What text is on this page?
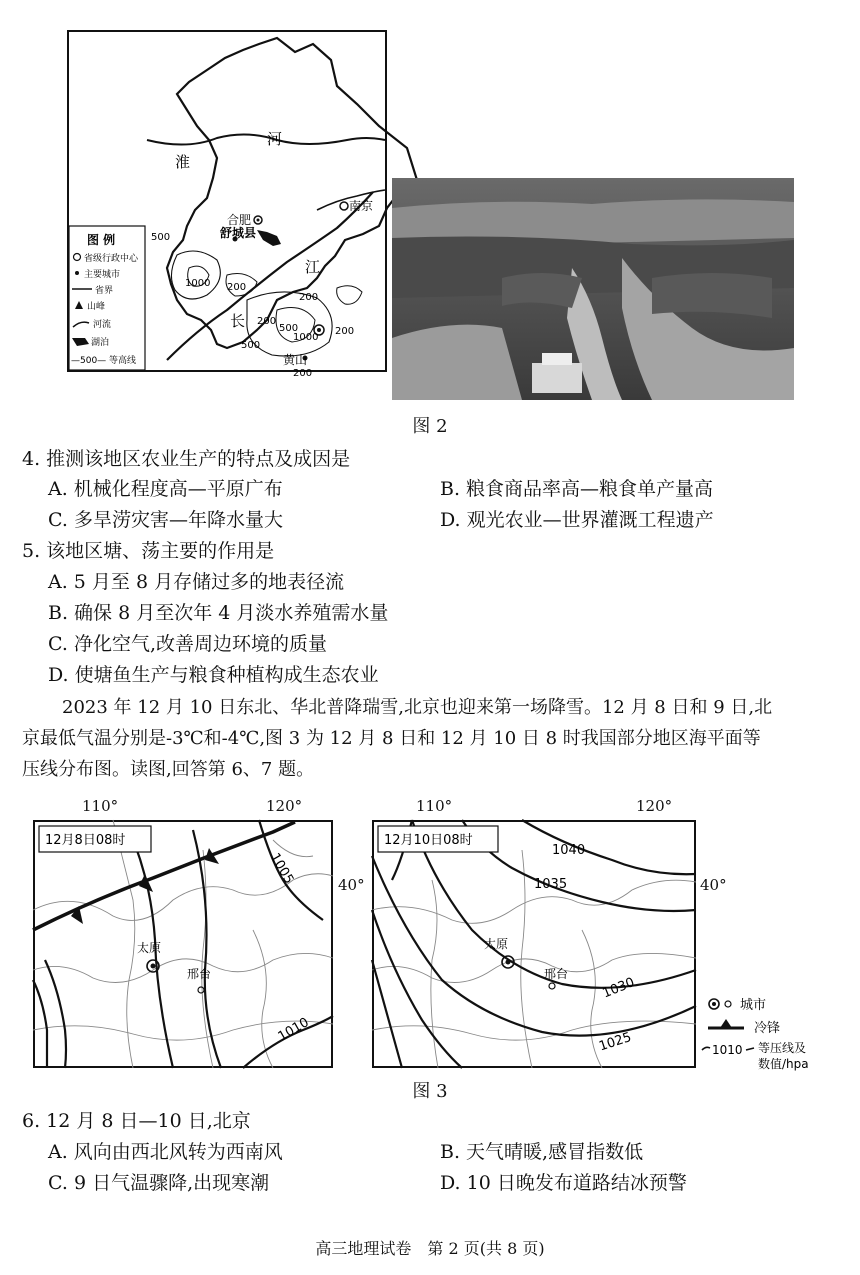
淮
河
合肥
舒城县
南京
江
长
黄山
500
1000 200
200
200
500
500
1000
200
200
图 例
省级行政中心
主要城市
省界
山峰
河流
湖泊
—500— 等高线
图 2
4. 推测该地区农业生产的特点及成因是
A. 机械化程度高—平原广布	B. 粮食商品率高—粮食单产量高
C. 多旱涝灾害—年降水量大	D. 观光农业—世界灌溉工程遗产
5. 该地区塘、荡主要的作用是
A. 5 月至 8 月存储过多的地表径流
B. 确保 8 月至次年 4 月淡水养殖需水量
C. 净化空气,改善周边环境的质量
D. 使塘鱼生产与粮食种植构成生态农业
2023 年 12 月 10 日东北、华北普降瑞雪,北京也迎来第一场降雪。12 月 8 日和 9 日,北
京最低气温分别是-3℃和-4℃,图 3 为 12 月 8 日和 12 月 10 日 8 时我国部分地区海平面等
压线分布图。读图,回答第 6、7 题。
110°	120°
40°
110°	120°
40°
12月8日08时
太原
邢台
1005
1010
12月10日08时
太原
邢台
1040
1035
1030
1025
城市
冷锋
1010 等压线及
数值/hpa
图 3
6. 12 月 8 日—10 日,北京
A. 风向由西北风转为西南风	B. 天气晴暖,感冒指数低
C. 9 日气温骤降,出现寒潮	D. 10 日晚发布道路结冰预警
高三地理试卷　第 2 页(共 8 页)
